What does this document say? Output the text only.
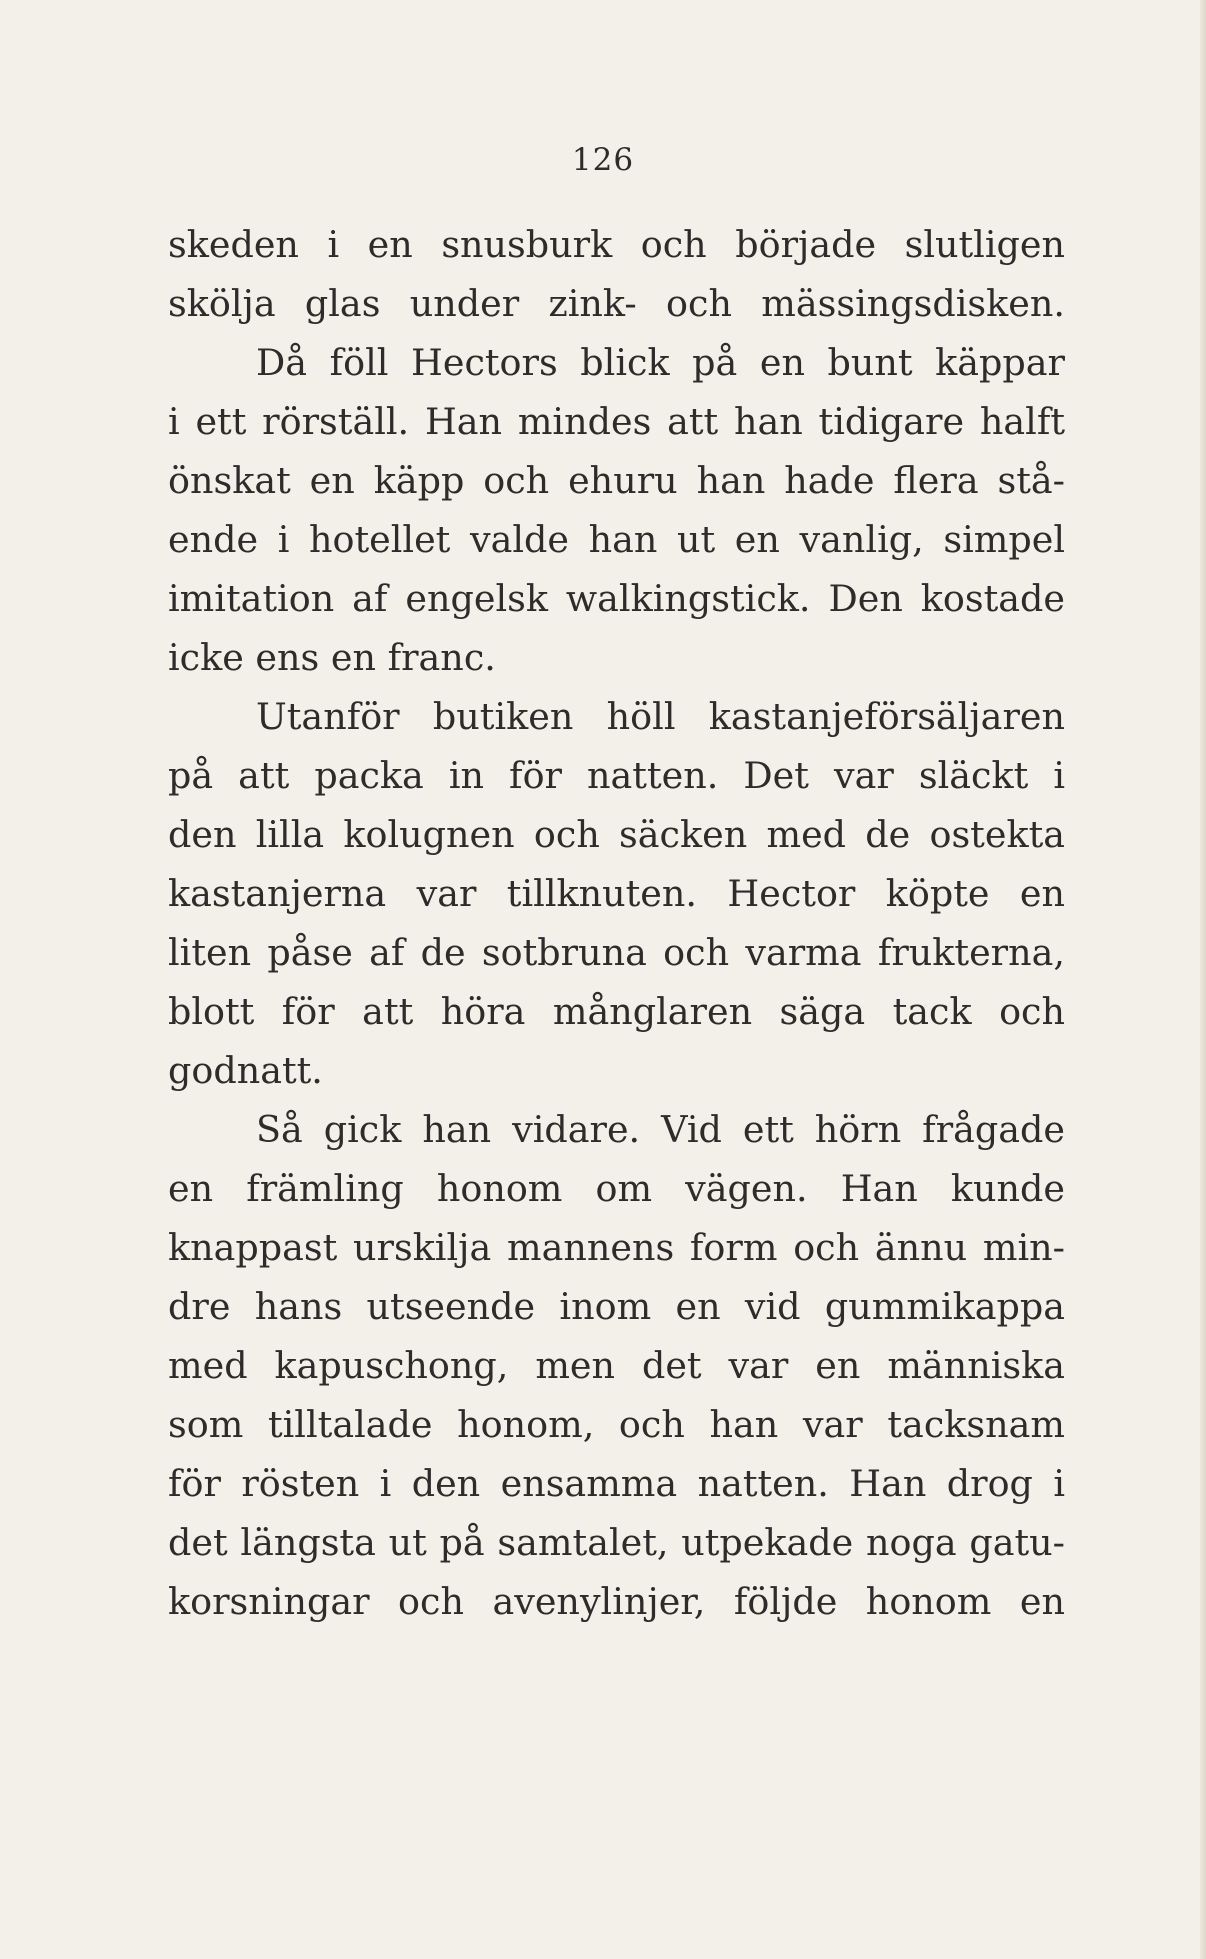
126
skeden i en snusburk och började slutligen
skölja glas under zink- och mässingsdisken.
Då föll Hectors blick på en bunt käppar
i ett rörställ. Han mindes att han tidigare halft
önskat en käpp och ehuru han hade flera stå-
ende i hotellet valde han ut en vanlig, simpel
imitation af engelsk walkingstick. Den kostade
icke ens en franc.
Utanför butiken höll kastanjeförsäljaren
på att packa in för natten. Det var släckt i
den lilla kolugnen och säcken med de ostekta
kastanjerna var tillknuten. Hector köpte en
liten påse af de sotbruna och varma frukterna,
blott för att höra månglaren säga tack och
godnatt.
Så gick han vidare. Vid ett hörn frågade
en främling honom om vägen. Han kunde
knappast urskilja mannens form och ännu min-
dre hans utseende inom en vid gummikappa
med kapuschong, men det var en människa
som tilltalade honom, och han var tacksnam
för rösten i den ensamma natten. Han drog i
det längsta ut på samtalet, utpekade noga gatu-
korsningar och avenylinjer, följde honom en
